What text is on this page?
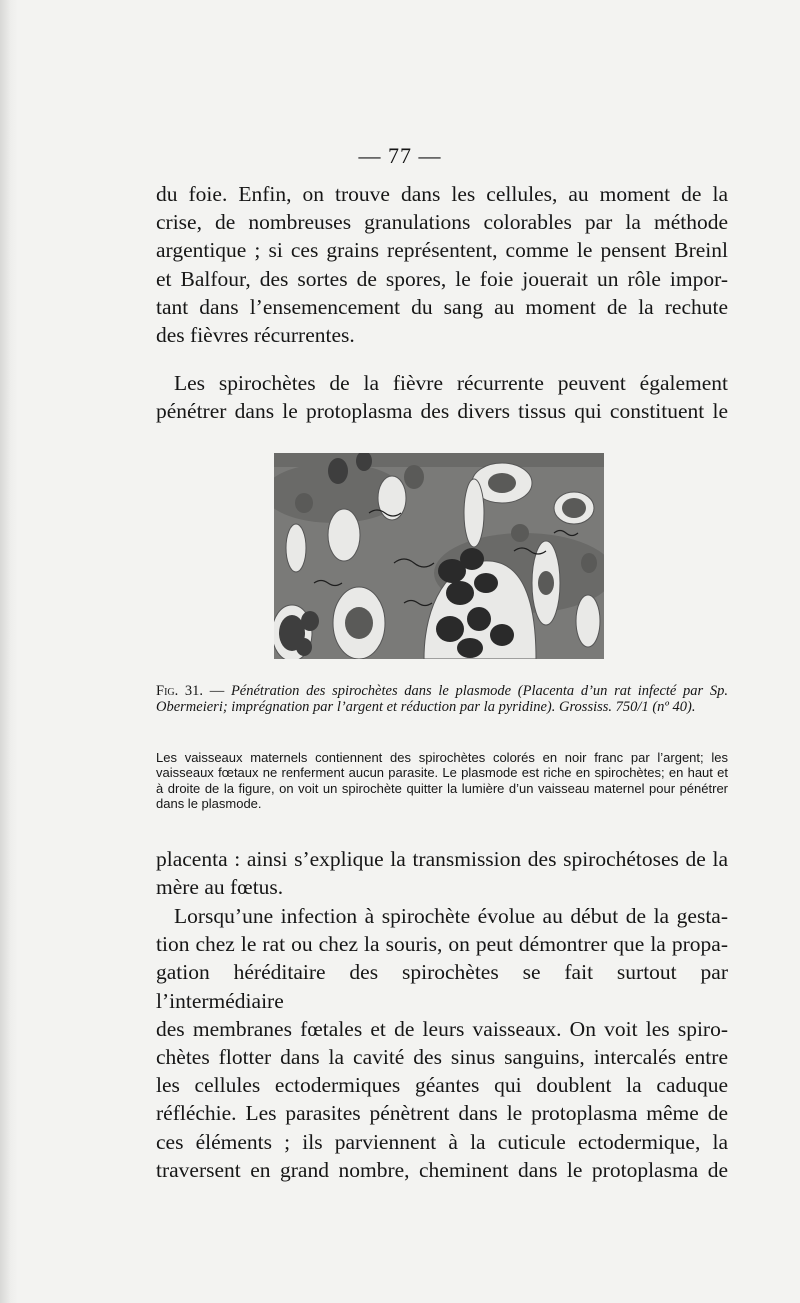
— 77 —

du foie. Enfin, on trouve dans les cellules, au moment de la
crise, de nombreuses granulations colorables par la méthode
argentique ; si ces grains représentent, comme le pensent Breinl
et Balfour, des sortes de spores, le foie jouerait un rôle impor-
tant dans l’ensemencement du sang au moment de la rechute
des fièvres récurrentes.

Les spirochètes de la fièvre récurrente peuvent également
pénétrer dans le protoplasma des divers tissus qui constituent le

Fig. 31. — Pénétration des spirochètes dans le plasmode (Placenta d’un rat infecté par Sp. Obermeieri; imprégnation par l’argent et réduction par la pyridine). Grossiss. 750/1 (nº 40).

Les vaisseaux maternels contiennent des spirochètes colorés en noir franc par l’argent; les vaisseaux fœtaux ne renferment aucun parasite. Le plasmode est riche en spirochètes; en haut et à droite de la figure, on voit un spirochète quitter la lumière d’un vaisseau maternel pour pénétrer dans le plasmode.

placenta : ainsi s’explique la transmission des spirochétoses de la
mère au fœtus.

Lorsqu’une infection à spirochète évolue au début de la gesta-
tion chez le rat ou chez la souris, on peut démontrer que la propa-
gation héréditaire des spirochètes se fait surtout par l’intermédiaire
des membranes fœtales et de leurs vaisseaux. On voit les spiro-
chètes flotter dans la cavité des sinus sanguins, intercalés entre
les cellules ectodermiques géantes qui doublent la caduque
réfléchie. Les parasites pénètrent dans le protoplasma même de
ces éléments ; ils parviennent à la cuticule ectodermique, la
traversent en grand nombre, cheminent dans le protoplasma de
